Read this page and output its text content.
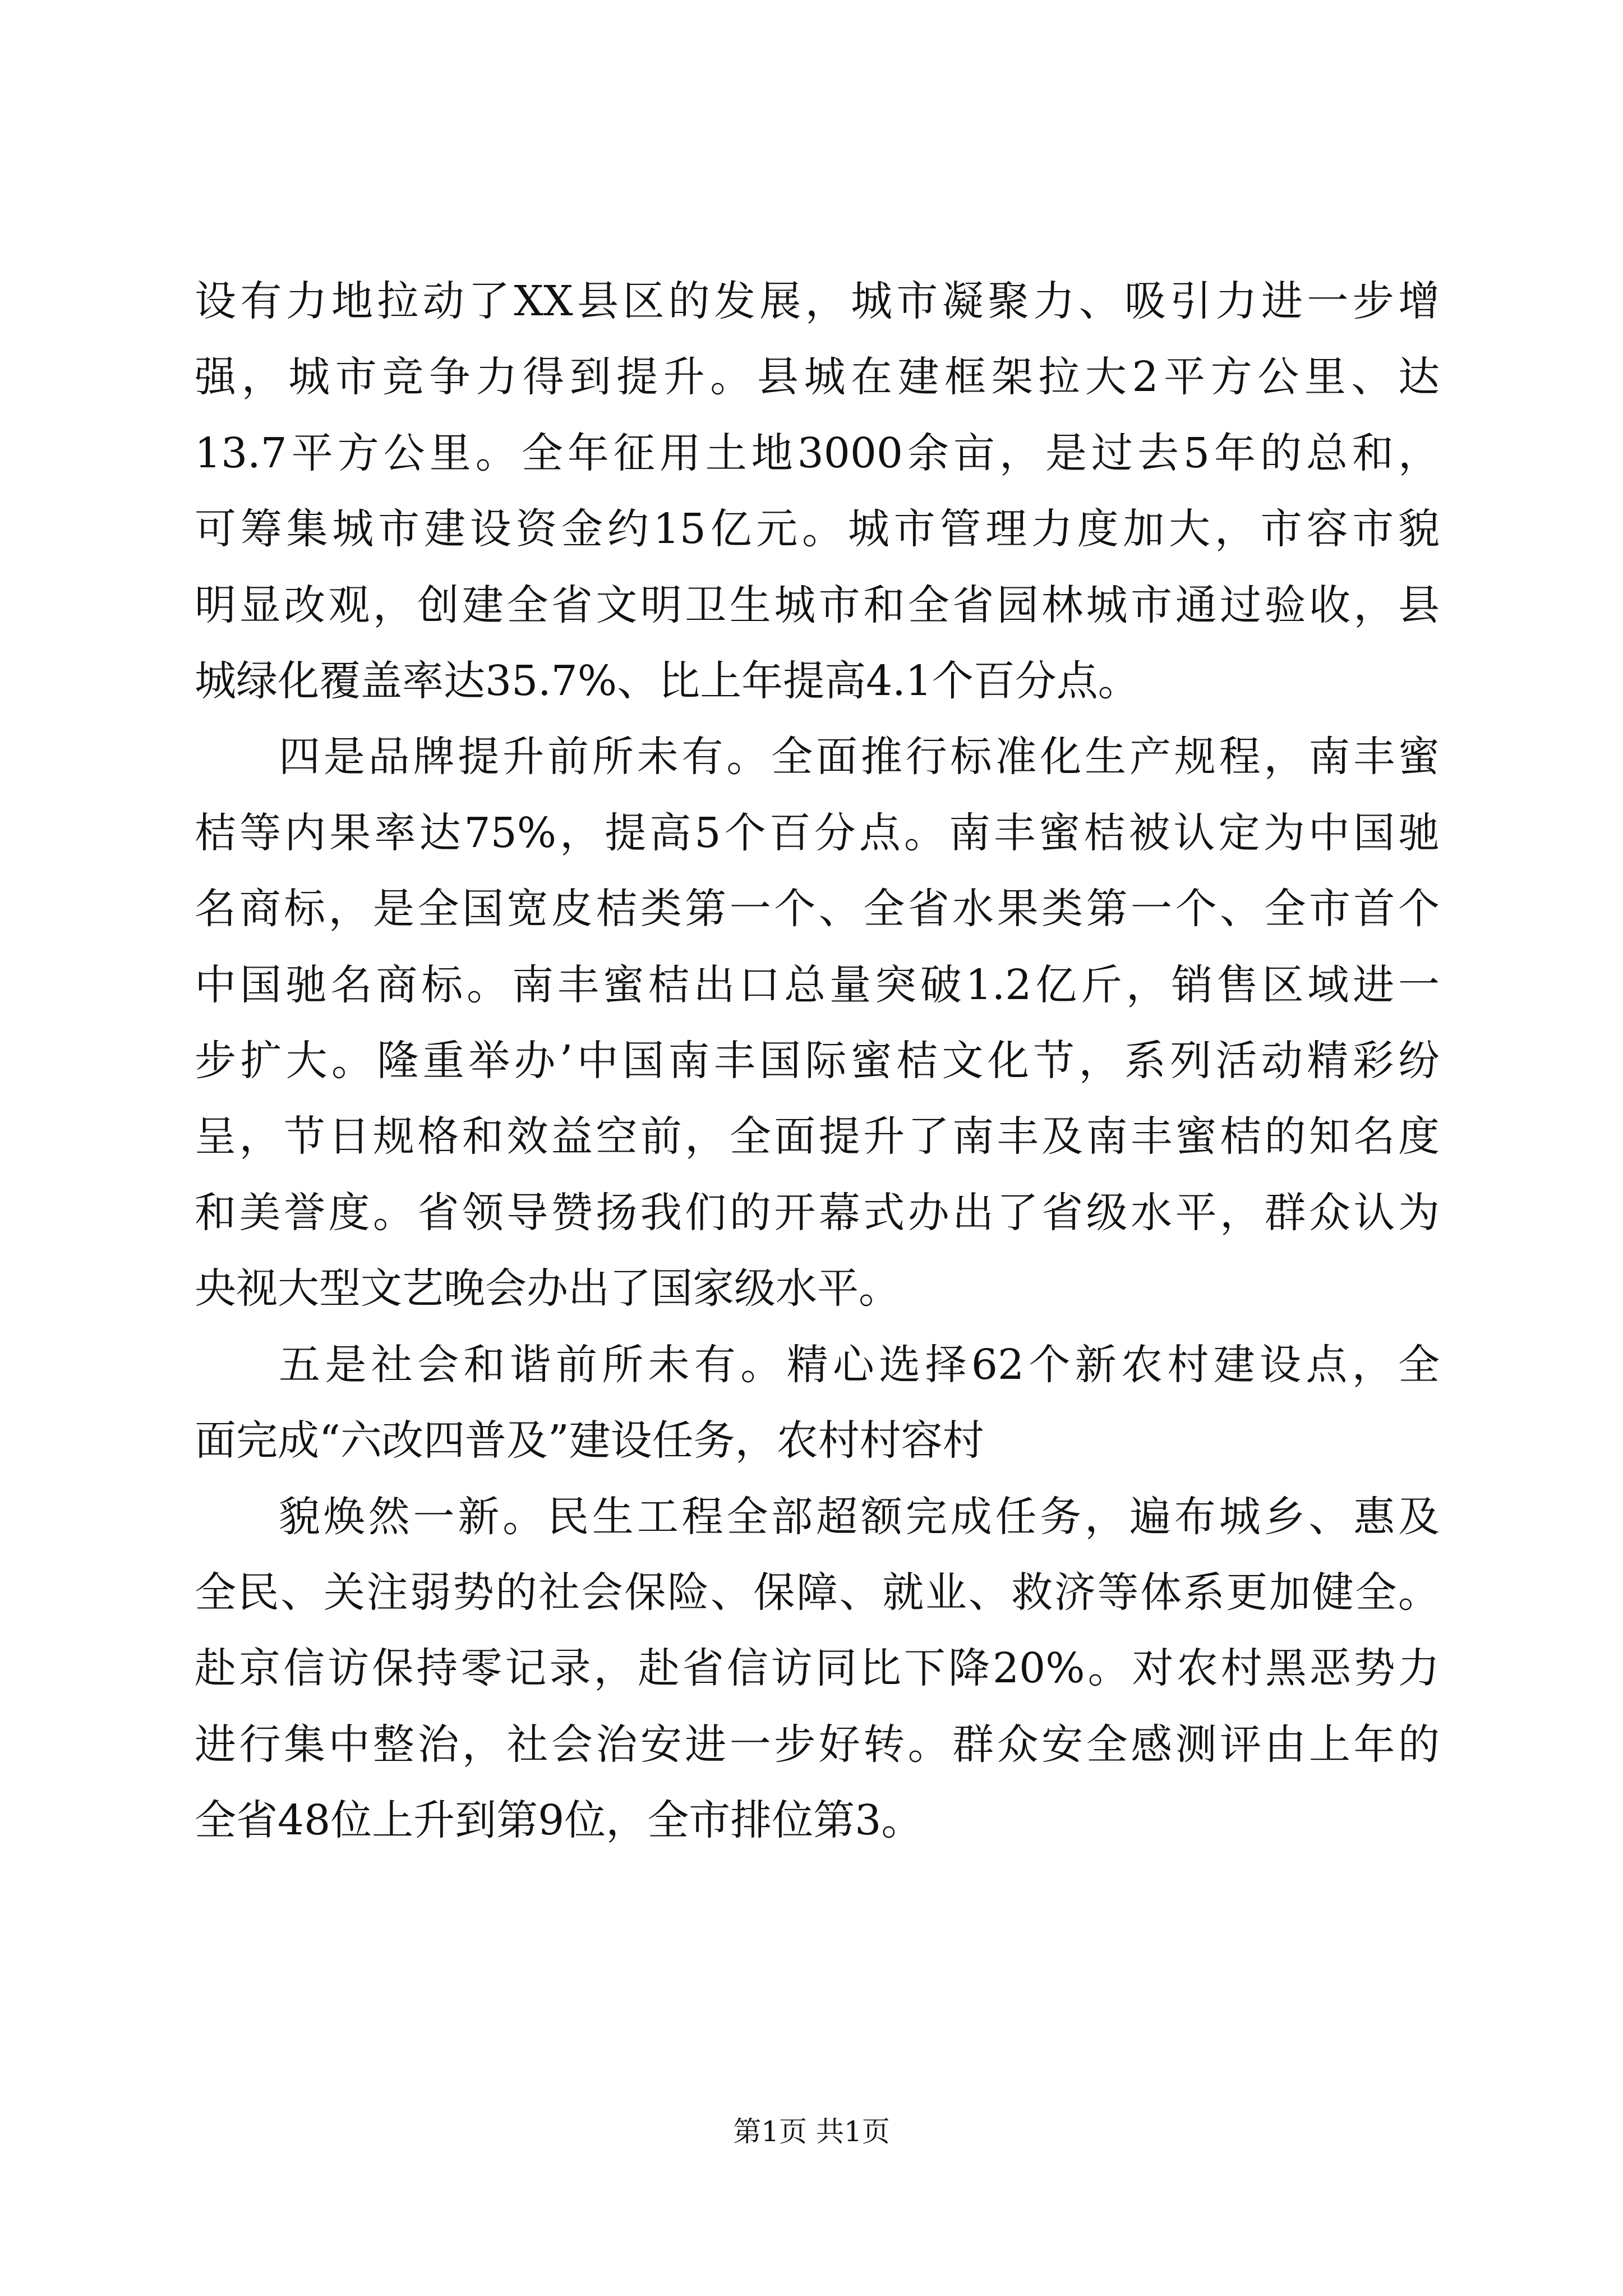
设有力地拉动了XX县区的发展，城市凝聚力、吸引力进一步增
强，城市竞争力得到提升。县城在建框架拉大2平方公里、达
13.7平方公里。全年征用土地3000余亩，是过去5年的总和，
可筹集城市建设资金约15亿元。城市管理力度加大，市容市貌
明显改观，创建全省文明卫生城市和全省园林城市通过验收，县
城绿化覆盖率达35.7%、比上年提高4.1个百分点。
四是品牌提升前所未有。全面推行标准化生产规程，南丰蜜
桔等内果率达75%，提高5个百分点。南丰蜜桔被认定为中国驰
名商标，是全国宽皮桔类第一个、全省水果类第一个、全市首个
中国驰名商标。南丰蜜桔出口总量突破1.2亿斤，销售区域进一
步扩大。隆重举办’中国南丰国际蜜桔文化节，系列活动精彩纷
呈，节日规格和效益空前，全面提升了南丰及南丰蜜桔的知名度
和美誉度。省领导赞扬我们的开幕式办出了省级水平，群众认为
央视大型文艺晚会办出了国家级水平。
五是社会和谐前所未有。精心选择62个新农村建设点，全
面完成“六改四普及”建设任务，农村村容村
貌焕然一新。民生工程全部超额完成任务，遍布城乡、惠及
全民、关注弱势的社会保险、保障、就业、救济等体系更加健全。
赴京信访保持零记录，赴省信访同比下降20%。对农村黑恶势力
进行集中整治，社会治安进一步好转。群众安全感测评由上年的
全省48位上升到第9位，全市排位第3。
第1页 共1页
